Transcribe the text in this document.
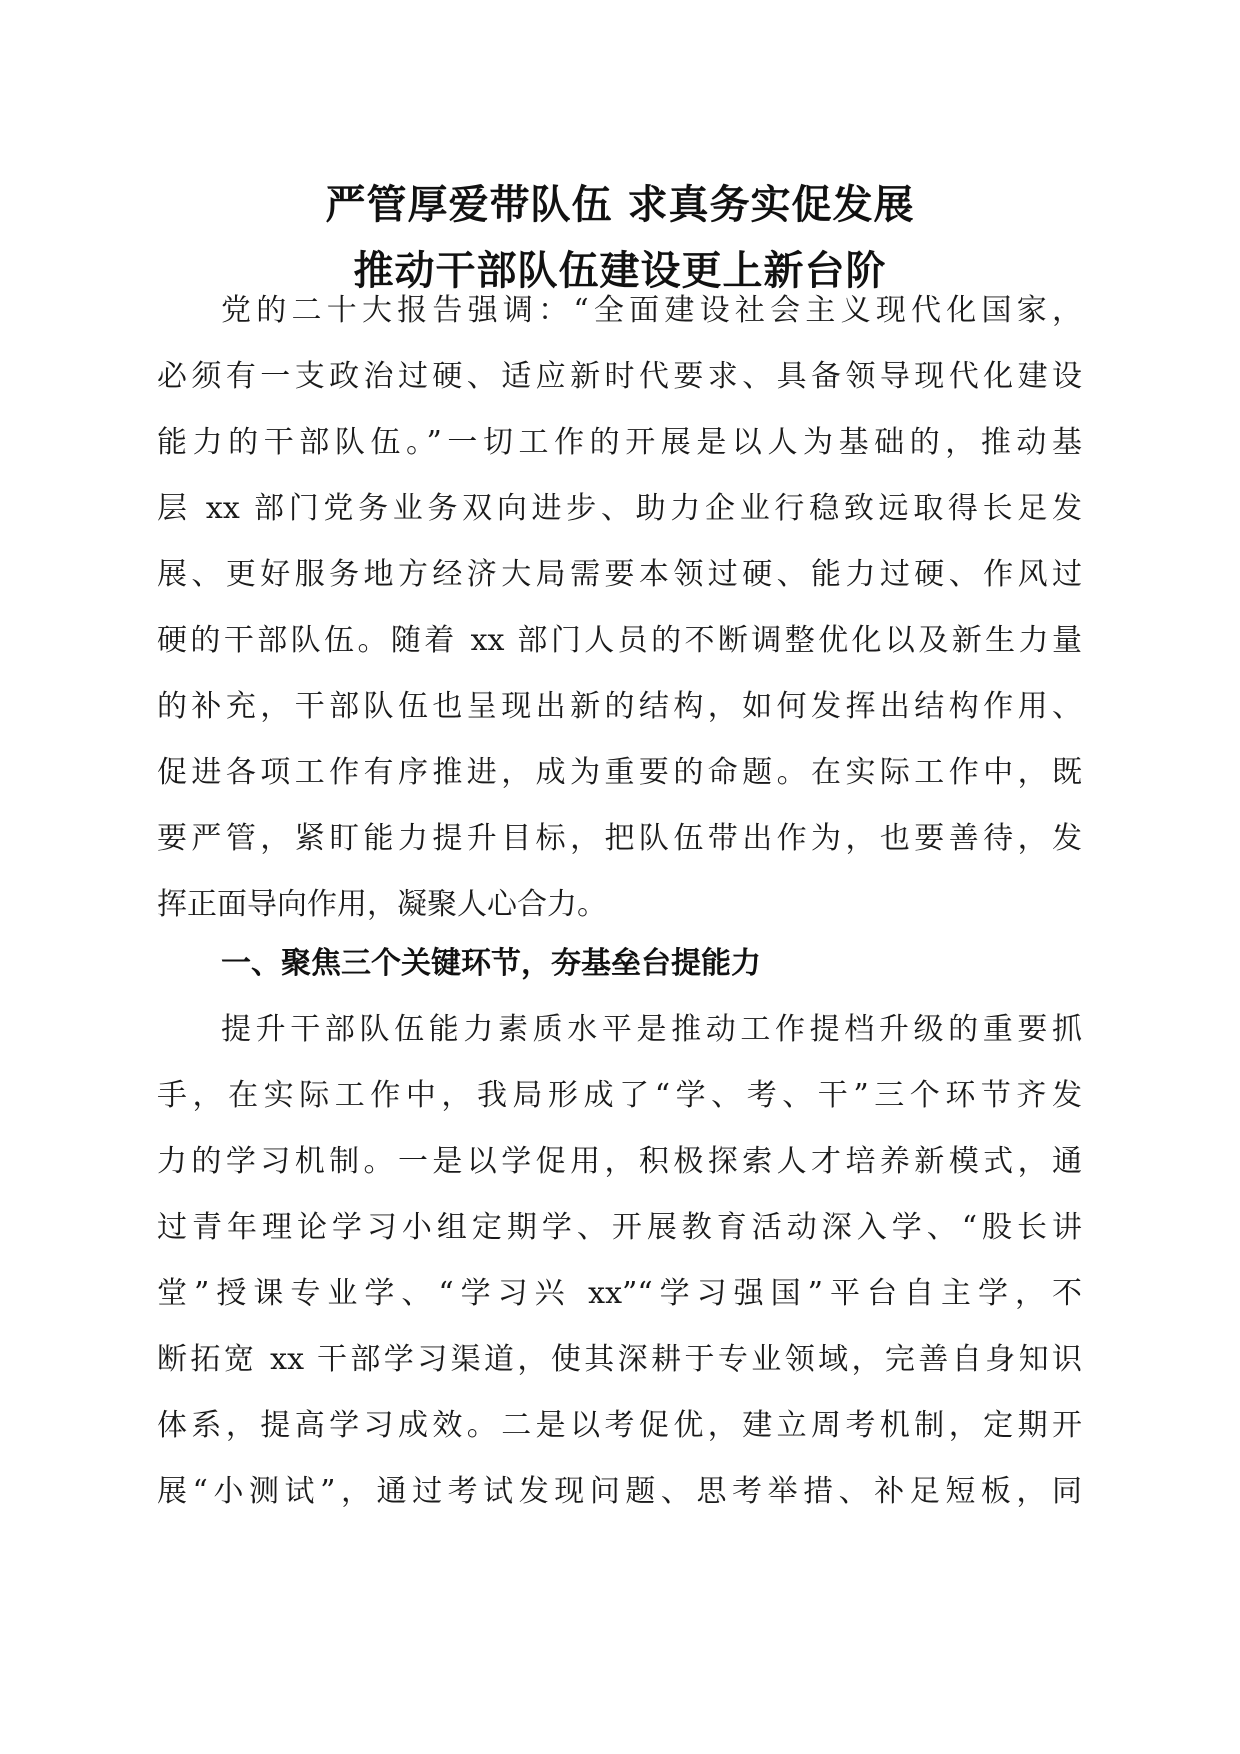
严管厚爱带队伍 求真务实促发展
推动干部队伍建设更上新台阶
党的二十大报告强调：“全面建设社会主义现代化国家，
必须有一支政治过硬、适应新时代要求、具备领导现代化建设
能力的干部队伍。”一切工作的开展是以人为基础的，推动基
层 xx 部门党务业务双向进步、助力企业行稳致远取得长足发
展、更好服务地方经济大局需要本领过硬、能力过硬、作风过
硬的干部队伍。随着 xx 部门人员的不断调整优化以及新生力量
的补充，干部队伍也呈现出新的结构，如何发挥出结构作用、
促进各项工作有序推进，成为重要的命题。在实际工作中，既
要严管，紧盯能力提升目标，把队伍带出作为，也要善待，发
挥正面导向作用，凝聚人心合力。
一、聚焦三个关键环节，夯基垒台提能力
提升干部队伍能力素质水平是推动工作提档升级的重要抓
手，在实际工作中，我局形成了“学、考、干”三个环节齐发
力的学习机制。一是以学促用，积极探索人才培养新模式，通
过青年理论学习小组定期学、开展教育活动深入学、“股长讲
堂”授课专业学、“学习兴 xx”“学习强国”平台自主学，不
断拓宽 xx 干部学习渠道，使其深耕于专业领域，完善自身知识
体系，提高学习成效。二是以考促优，建立周考机制，定期开
展“小测试”，通过考试发现问题、思考举措、补足短板，同
